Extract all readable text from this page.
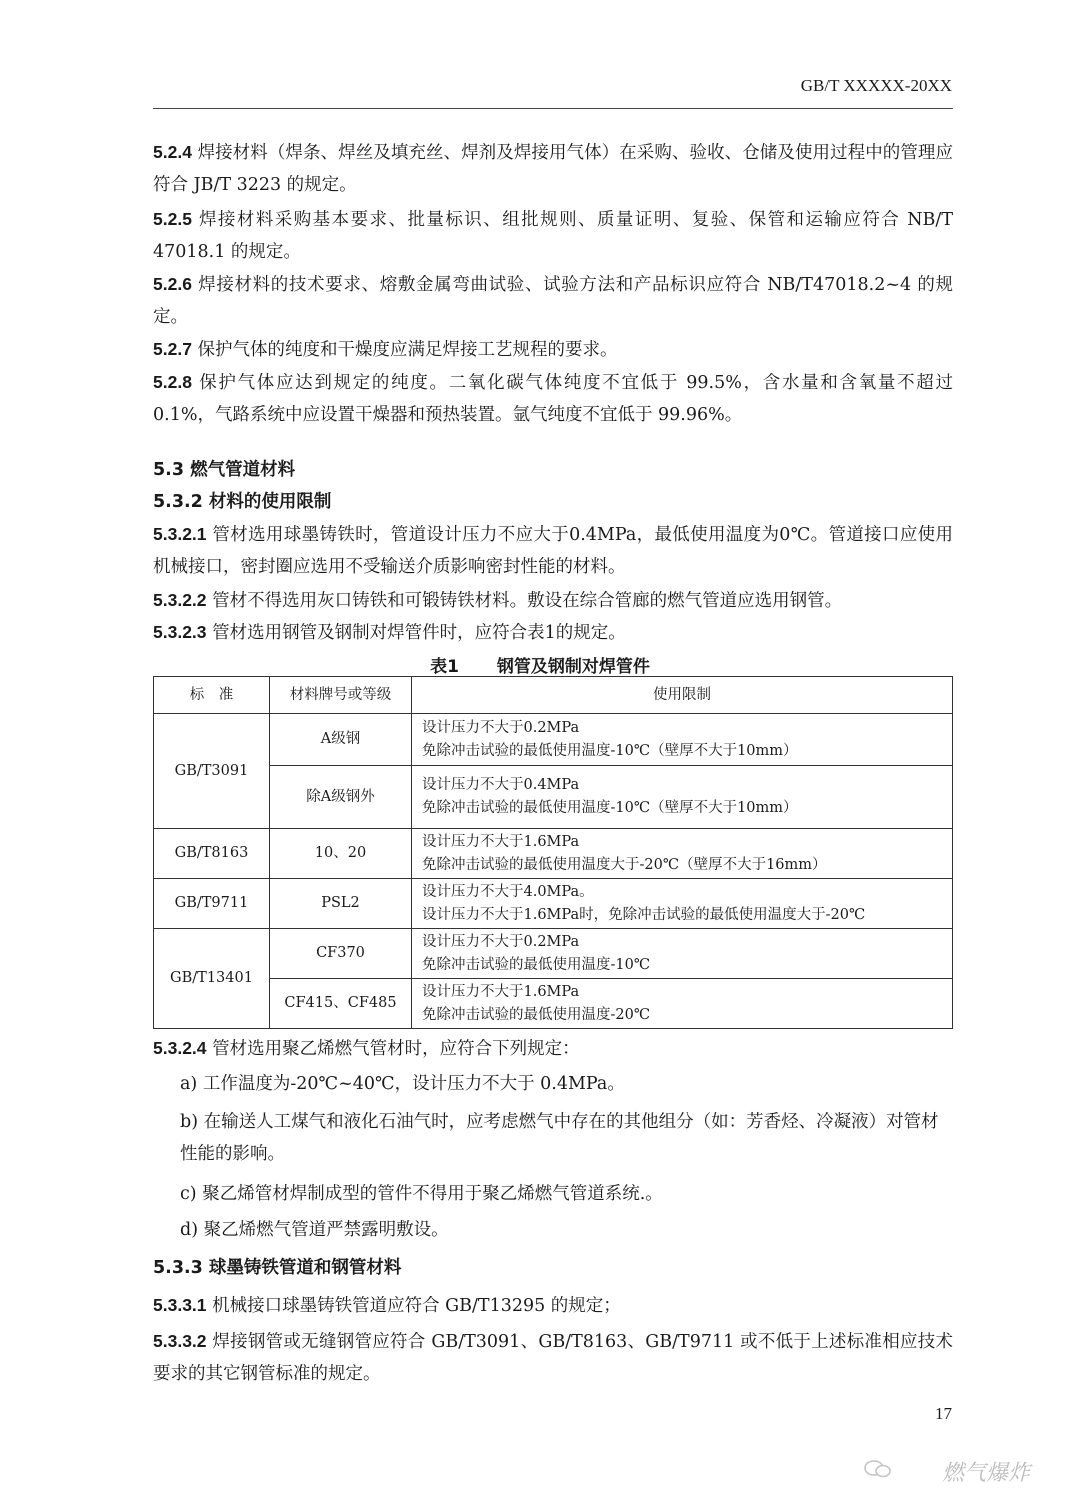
GB/T XXXXX-20XX
5.2.4 焊接材料（焊条、焊丝及填充丝、焊剂及焊接用气体）在采购、验收、仓储及使用过程中的管理应符合 JB/T 3223 的规定。
5.2.5 焊接材料采购基本要求、批量标识、组批规则、质量证明、复验、保管和运输应符合 NB/T 47018.1 的规定。
5.2.6 焊接材料的技术要求、熔敷金属弯曲试验、试验方法和产品标识应符合 NB/T47018.2~4 的规定。
5.2.7 保护气体的纯度和干燥度应满足焊接工艺规程的要求。
5.2.8 保护气体应达到规定的纯度。二氧化碳气体纯度不宜低于 99.5%，含水量和含氧量不超过 0.1%，气路系统中应设置干燥器和预热装置。氩气纯度不宜低于 99.96%。
5.3 燃气管道材料
5.3.2 材料的使用限制
5.3.2.1 管材选用球墨铸铁时，管道设计压力不应大于0.4MPa，最低使用温度为0℃。管道接口应使用机械接口，密封圈应选用不受输送介质影响密封性能的材料。
5.3.2.2 管材不得选用灰口铸铁和可锻铸铁材料。敷设在综合管廊的燃气管道应选用钢管。
5.3.2.3 管材选用钢管及钢制对焊管件时，应符合表1的规定。
表1 钢管及钢制对焊管件
标　准	材料牌号或等级	使用限制
GB/T3091	A级钢	设计压力不大于0.2MPa
免除冲击试验的最低使用温度-10℃（壁厚不大于10mm）

	除A级钢外	设计压力不大于0.4MPa
免除冲击试验的最低使用温度-10℃（壁厚不大于10mm）

GB/T8163	10、20	设计压力不大于1.6MPa
免除冲击试验的最低使用温度大于-20℃（壁厚不大于16mm）

GB/T9711	PSL2	设计压力不大于4.0MPa。
设计压力不大于1.6MPa时，免除冲击试验的最低使用温度大于-20℃

GB/T13401	CF370	设计压力不大于0.2MPa
免除冲击试验的最低使用温度-10℃

	CF415、CF485	设计压力不大于1.6MPa
免除冲击试验的最低使用温度-20℃
5.3.2.4 管材选用聚乙烯燃气管材时，应符合下列规定：
a) 工作温度为-20℃~40℃，设计压力不大于 0.4MPa。
b) 在输送人工煤气和液化石油气时，应考虑燃气中存在的其他组分（如：芳香烃、冷凝液）对管材性能的影响。
c) 聚乙烯管材焊制成型的管件不得用于聚乙烯燃气管道系统.。
d) 聚乙烯燃气管道严禁露明敷设。
5.3.3 球墨铸铁管道和钢管材料
5.3.3.1 机械接口球墨铸铁管道应符合 GB/T13295 的规定；
5.3.3.2 焊接钢管或无缝钢管应符合 GB/T3091、GB/T8163、GB/T9711 或不低于上述标准相应技术要求的其它钢管标准的规定。
17
燃气爆炸
